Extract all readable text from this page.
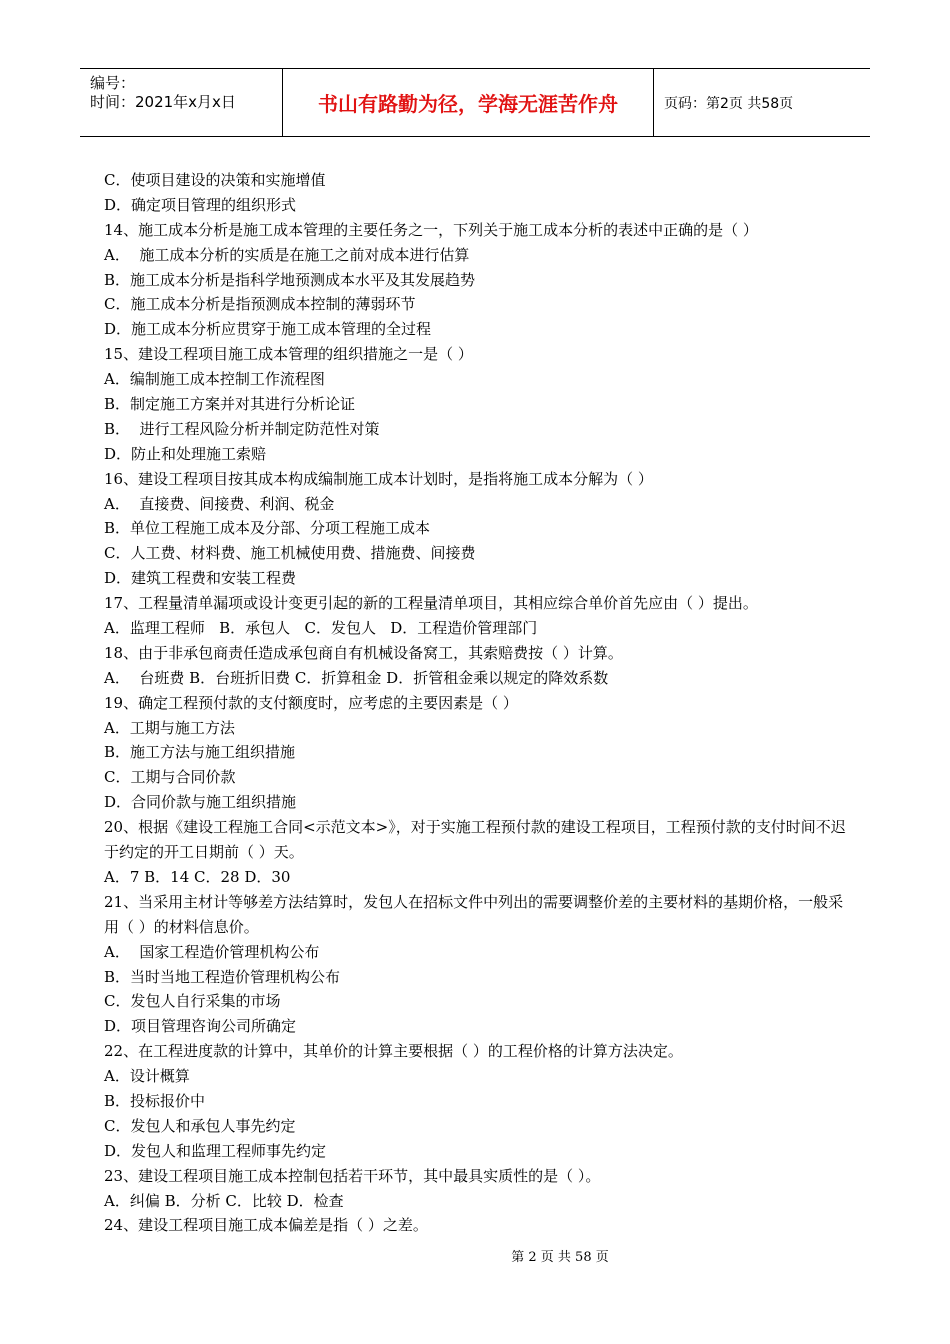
编号：
时间：2021年x月x日	书山有路勤为径，学海无涯苦作舟	页码：第2页 共58页
C．使项目建设的决策和实施增值
D．确定项目管理的组织形式
14、施工成本分析是施工成本管理的主要任务之一，下列关于施工成本分析的表述中正确的是（ ）
A．  施工成本分析的实质是在施工之前对成本进行估算
B．施工成本分析是指科学地预测成本水平及其发展趋势
C．施工成本分析是指预测成本控制的薄弱环节
D．施工成本分析应贯穿于施工成本管理的全过程
15、建设工程项目施工成本管理的组织措施之一是（ ）
A．编制施工成本控制工作流程图
B．制定施工方案并对其进行分析论证
B．  进行工程风险分析并制定防范性对策
D．防止和处理施工索赔
16、建设工程项目按其成本构成编制施工成本计划时，是指将施工成本分解为（ ）
A．  直接费、间接费、利润、税金
B．单位工程施工成本及分部、分项工程施工成本
C．人工费、材料费、施工机械使用费、措施费、间接费
D．建筑工程费和安装工程费
17、工程量清单漏项或设计变更引起的新的工程量清单项目，其相应综合单价首先应由（ ）提出。
A．监理工程师   B．承包人   C．发包人   D．工程造价管理部门
18、由于非承包商责任造成承包商自有机械设备窝工，其索赔费按（ ）计算。
A．  台班费 B．台班折旧费 C．折算租金 D．折管租金乘以规定的降效系数
19、确定工程预付款的支付额度时，应考虑的主要因素是（ ）
A．工期与施工方法
B．施工方法与施工组织措施
C．工期与合同价款
D．合同价款与施工组织措施
20、根据《建设工程施工合同<示范文本>》，对于实施工程预付款的建设工程项目，工程预付款的支付时间不迟于约定的开工日期前（ ）天。
A．7 B．14 C．28 D．30
21、当采用主材计等够差方法结算时，发包人在招标文件中列出的需要调整价差的主要材料的基期价格，一般采用（ ）的材料信息价。
A．  国家工程造价管理机构公布
B．当时当地工程造价管理机构公布
C．发包人自行采集的市场
D．项目管理咨询公司所确定
22、在工程进度款的计算中，其单价的计算主要根据（ ）的工程价格的计算方法决定。
A．设计概算
B．投标报价中
C．发包人和承包人事先约定
D．发包人和监理工程师事先约定
23、建设工程项目施工成本控制包括若干环节，其中最具实质性的是（ ）。
A．纠偏 B．分析 C．比较 D．检查
24、建设工程项目施工成本偏差是指（ ）之差。
第 2 页 共 58 页
